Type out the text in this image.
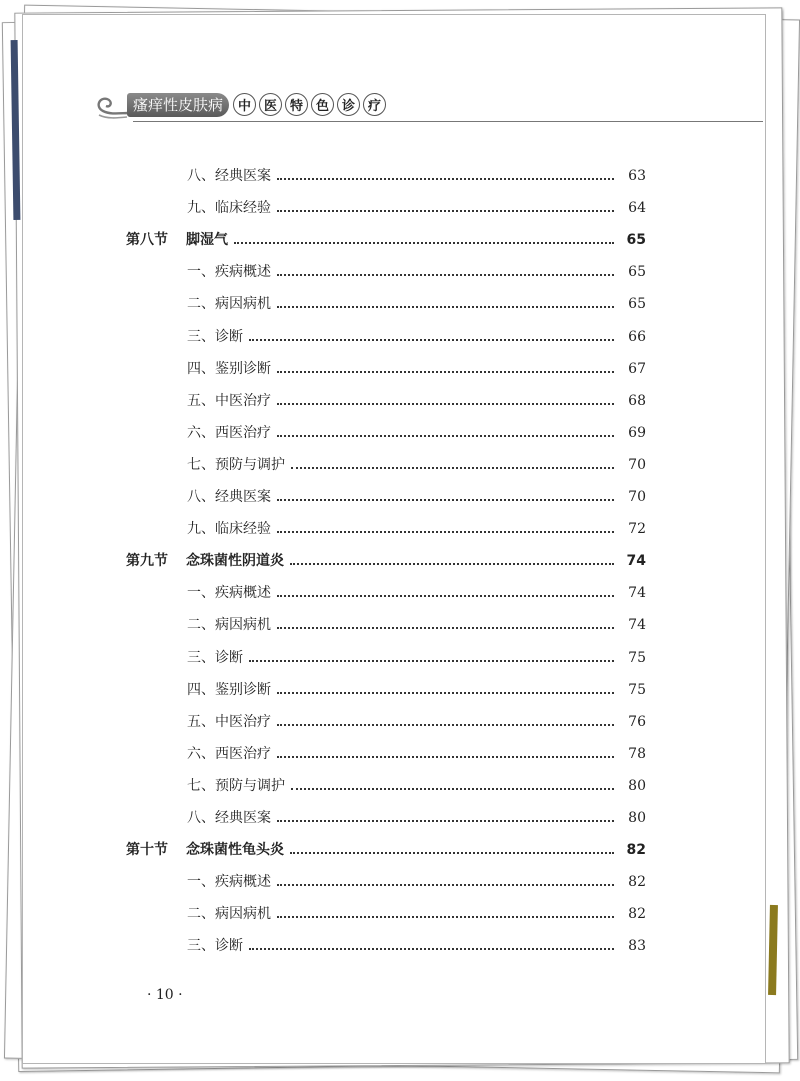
瘙痒性皮肤病	中 医 特 色 诊 疗
八、经典医案	63
九、临床经验	64
第八节	脚湿气	65
一、疾病概述	65
二、病因病机	65
三、诊断	66
四、鉴别诊断	67
五、中医治疗	68
六、西医治疗	69
七、预防与调护	70
八、经典医案	70
九、临床经验	72
第九节	念珠菌性阴道炎	74
一、疾病概述	74
二、病因病机	74
三、诊断	75
四、鉴别诊断	75
五、中医治疗	76
六、西医治疗	78
七、预防与调护	80
八、经典医案	80
第十节	念珠菌性龟头炎	82
一、疾病概述	82
二、病因病机	82
三、诊断	83
· 10 ·
